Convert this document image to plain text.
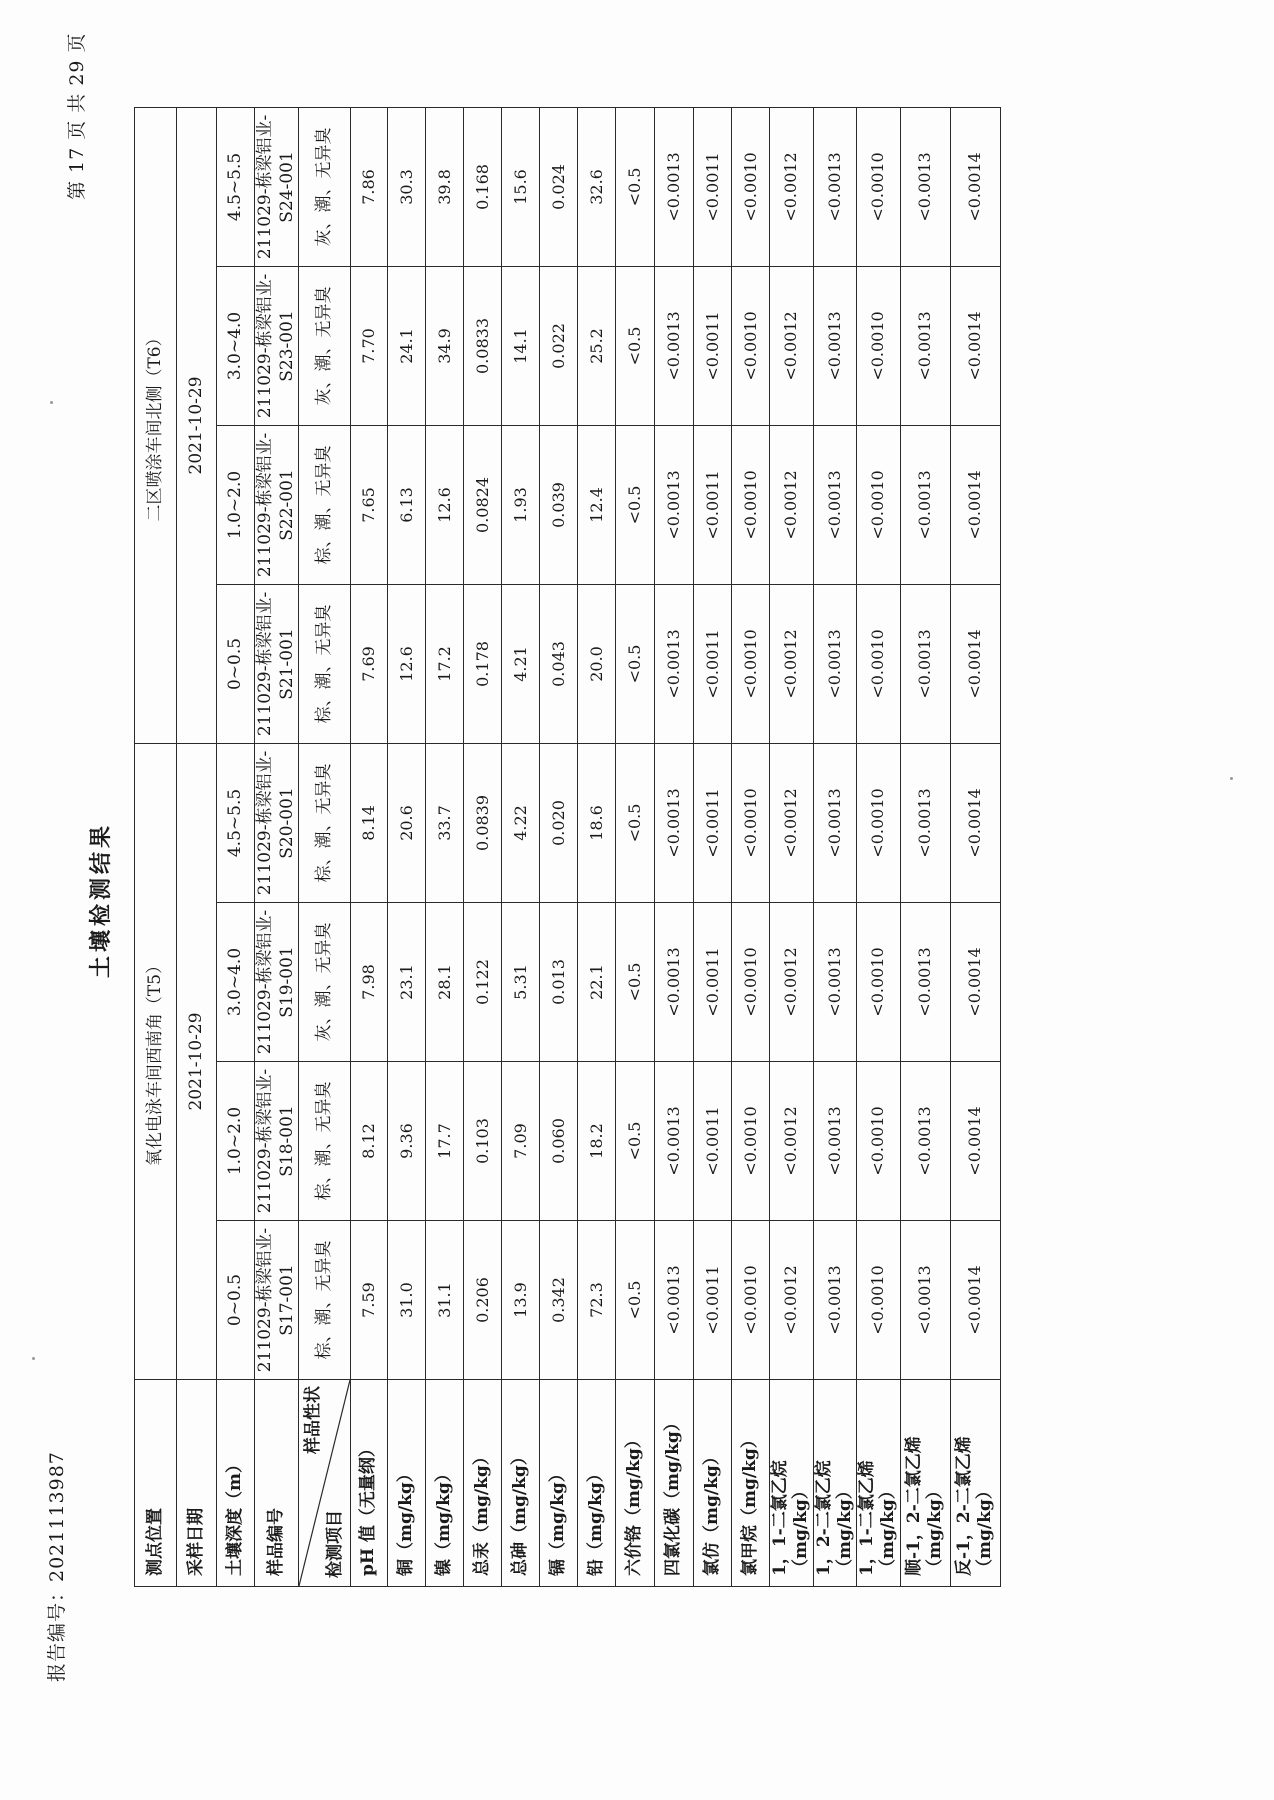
报告编号：2021113987
第 17 页 共 29 页
土壤检测结果
测点位置	氧化电泳车间西南角（T5）				二区喷涂车间北侧（T6）			
采样日期	2021-10-29				2021-10-29			
土壤深度（m）	0~0.5	1.0~2.0	3.0~4.0	4.5~5.5	0~0.5	1.0~2.0	3.0~4.0	4.5~5.5
样品编号	211029-栋梁铝业-S17-001	211029-栋梁铝业-S18-001	211029-栋梁铝业-S19-001	211029-栋梁铝业-S20-001	211029-栋梁铝业-S21-001	211029-栋梁铝业-S22-001	211029-栋梁铝业-S23-001	211029-栋梁铝业-S24-001

样品性状
检测项目	棕、潮、无异臭	棕、潮、无异臭	灰、潮、无异臭	棕、潮、无异臭	棕、潮、无异臭	棕、潮、无异臭	灰、潮、无异臭	灰、潮、无异臭
pH 值（无量纲）	7.59	8.12	7.98	8.14	7.69	7.65	7.70	7.86
铜（mg/kg）	31.0	9.36	23.1	20.6	12.6	6.13	24.1	30.3
镍（mg/kg）	31.1	17.7	28.1	33.7	17.2	12.6	34.9	39.8
总汞（mg/kg）	0.206	0.103	0.122	0.0839	0.178	0.0824	0.0833	0.168
总砷（mg/kg）	13.9	7.09	5.31	4.22	4.21	1.93	14.1	15.6
镉（mg/kg）	0.342	0.060	0.013	0.020	0.043	0.039	0.022	0.024
铅（mg/kg）	72.3	18.2	22.1	18.6	20.0	12.4	25.2	32.6
六价铬（mg/kg）	<0.5	<0.5	<0.5	<0.5	<0.5	<0.5	<0.5	<0.5
四氯化碳（mg/kg）	<0.0013	<0.0013	<0.0013	<0.0013	<0.0013	<0.0013	<0.0013	<0.0013
氯仿（mg/kg）	<0.0011	<0.0011	<0.0011	<0.0011	<0.0011	<0.0011	<0.0011	<0.0011
氯甲烷（mg/kg）	<0.0010	<0.0010	<0.0010	<0.0010	<0.0010	<0.0010	<0.0010	<0.0010
1，1-二氯乙烷（mg/kg）	<0.0012	<0.0012	<0.0012	<0.0012	<0.0012	<0.0012	<0.0012	<0.0012
1，2-二氯乙烷（mg/kg）	<0.0013	<0.0013	<0.0013	<0.0013	<0.0013	<0.0013	<0.0013	<0.0013
1，1-二氯乙烯（mg/kg）	<0.0010	<0.0010	<0.0010	<0.0010	<0.0010	<0.0010	<0.0010	<0.0010
顺-1，2-二氯乙烯（mg/kg）	<0.0013	<0.0013	<0.0013	<0.0013	<0.0013	<0.0013	<0.0013	<0.0013
反-1，2-二氯乙烯（mg/kg）	<0.0014	<0.0014	<0.0014	<0.0014	<0.0014	<0.0014	<0.0014	<0.0014
